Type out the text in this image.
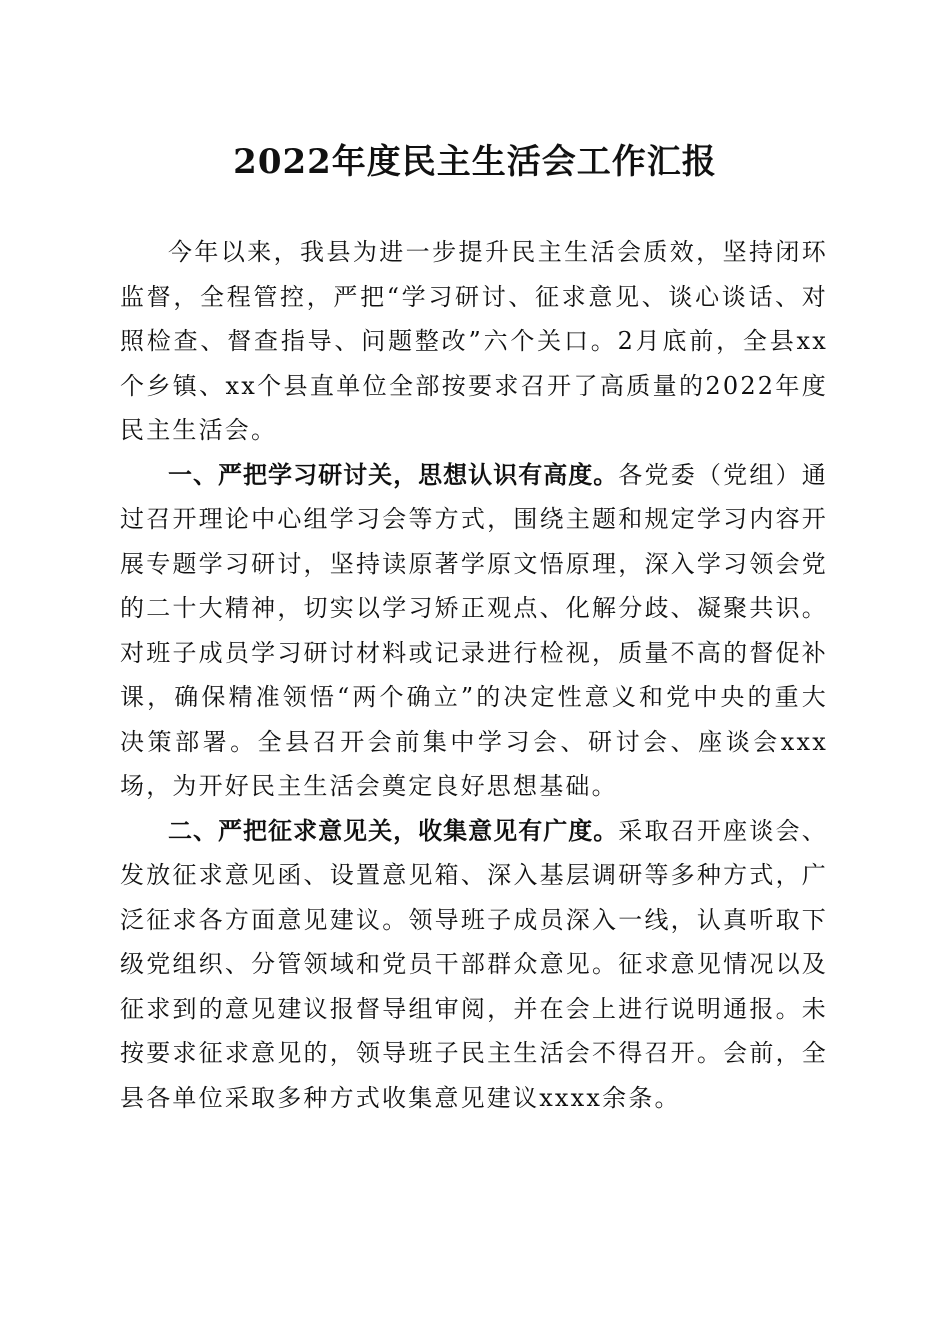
2022年度民主生活会工作汇报

今年以来，我县为进一步提升民主生活会质效，坚持闭环监督，全程管控，严把“学习研讨、征求意见、谈心谈话、对照检查、督查指导、问题整改”六个关口。2月底前，全县xx个乡镇、xx个县直单位全部按要求召开了高质量的2022年度民主生活会。

一、严把学习研讨关，思想认识有高度。各党委（党组）通过召开理论中心组学习会等方式，围绕主题和规定学习内容开展专题学习研讨，坚持读原著学原文悟原理，深入学习领会党的二十大精神，切实以学习矫正观点、化解分歧、凝聚共识。对班子成员学习研讨材料或记录进行检视，质量不高的督促补课，确保精准领悟“两个确立”的决定性意义和党中央的重大决策部署。全县召开会前集中学习会、研讨会、座谈会xxx场，为开好民主生活会奠定良好思想基础。

二、严把征求意见关，收集意见有广度。采取召开座谈会、发放征求意见函、设置意见箱、深入基层调研等多种方式，广泛征求各方面意见建议。领导班子成员深入一线，认真听取下级党组织、分管领域和党员干部群众意见。征求意见情况以及征求到的意见建议报督导组审阅，并在会上进行说明通报。未按要求征求意见的，领导班子民主生活会不得召开。会前，全县各单位采取多种方式收集意见建议xxxx余条。
